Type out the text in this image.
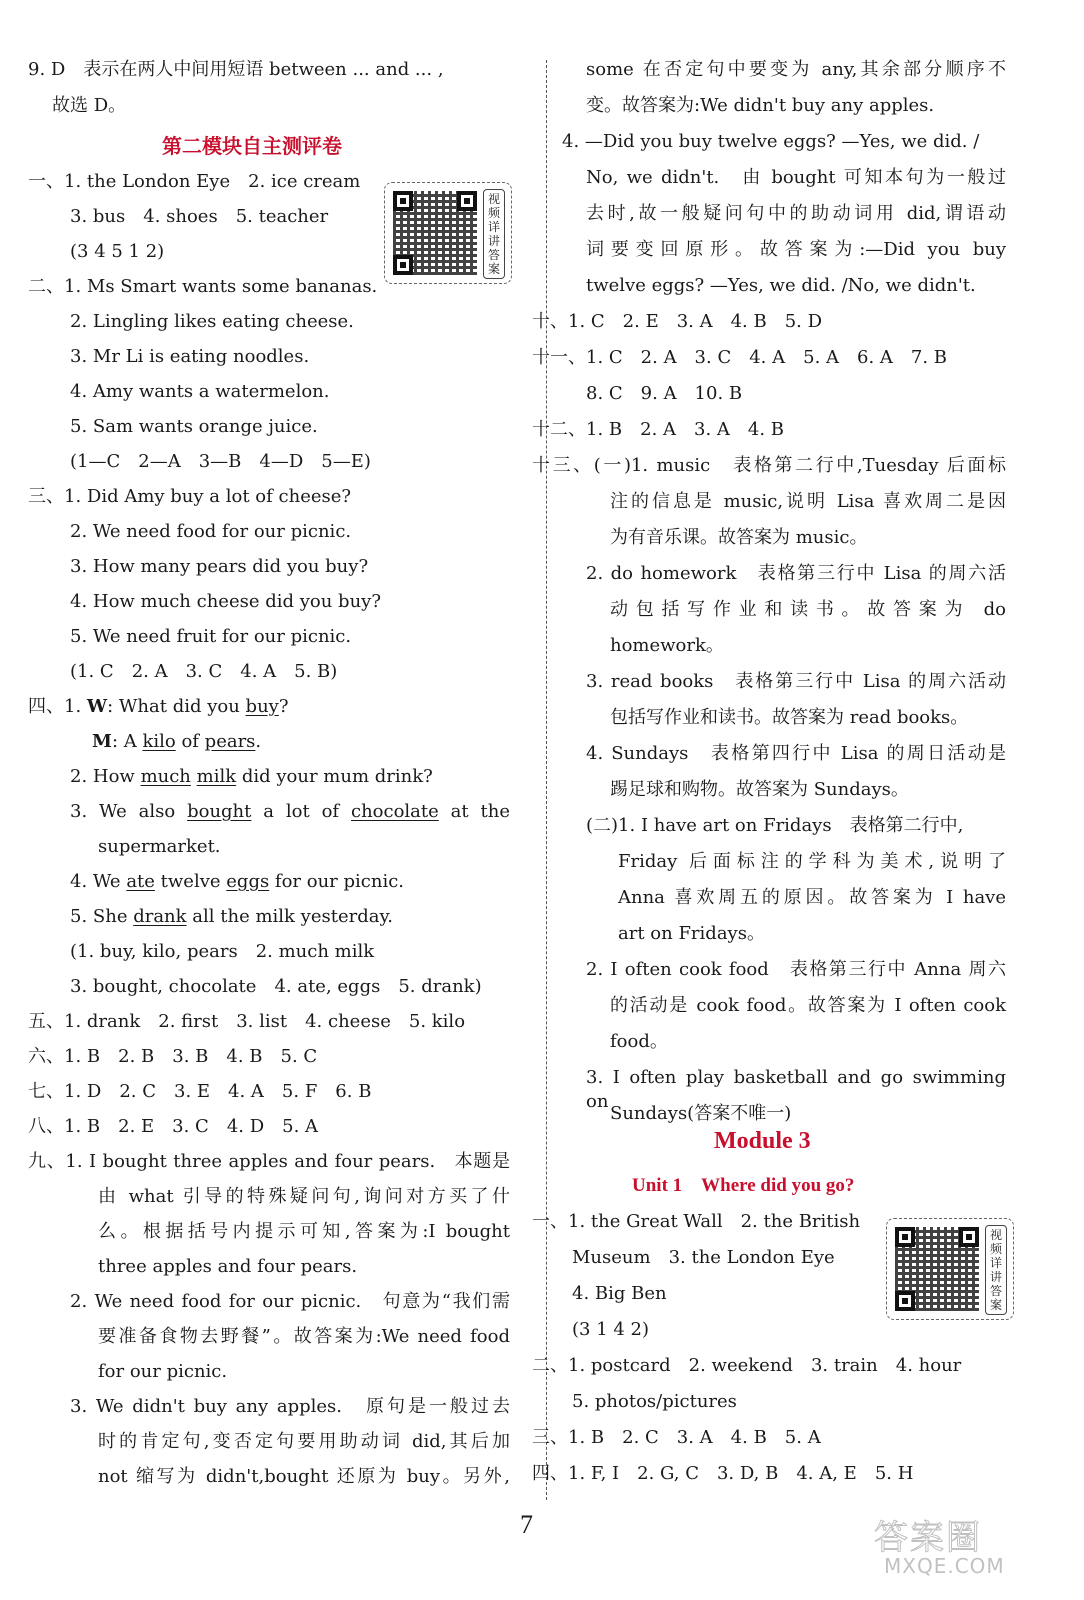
9. D　表示在两人中间用短语 between ... and ... ,
故选 D。
第二模块自主测评卷
一、1. the London Eye　2. ice cream
3. bus　4. shoes　5. teacher
(3 4 5 1 2)
视频详讲答案
二、1. Ms Smart wants some bananas.
2. Lingling likes eating cheese.
3. Mr Li is eating noodles.
4. Amy wants a watermelon.
5. Sam wants orange juice.
(1—C　2—A　3—B　4—D　5—E)
三、1. Did Amy buy a lot of cheese?
2. We need food for our picnic.
3. How many pears did you buy?
4. How much cheese did you buy?
5. We need fruit for our picnic.
(1. C　2. A　3. C　4. A　5. B)
四、1. W: What did you buy?
M: A kilo of pears.
2. How much milk did your mum drink?
3. We also bought a lot of chocolate at the
supermarket.
4. We ate twelve eggs for our picnic.
5. She drank all the milk yesterday.
(1. buy, kilo, pears　2. much milk
3. bought, chocolate　4. ate, eggs　5. drank)
五、1. drank　2. first　3. list　4. cheese　5. kilo
六、1. B　2. B　3. B　4. B　5. C
七、1. D　2. C　3. E　4. A　5. F　6. B
八、1. B　2. E　3. C　4. D　5. A
九、1. I bought three apples and four pears.　本题是
由 what 引导的特殊疑问句,询问对方买了什
么。根据括号内提示可知,答案为:I bought
three apples and four pears.
2. We need food for our picnic.　句意为“我们需
要准备食物去野餐”。故答案为:We need food
for our picnic.
3. We didn't buy any apples.　原句是一般过去
时的肯定句,变否定句要用助动词 did,其后加
not 缩写为 didn't,bought 还原为 buy。另外,
some 在否定句中要变为 any,其余部分顺序不
变。故答案为:We didn't buy any apples.
4. —Did you buy twelve eggs? —Yes, we did. /
No, we didn't.　由 bought 可知本句为一般过
去时,故一般疑问句中的助动词用 did,谓语动
词要变回原形。故答案为:—Did you buy
twelve eggs? —Yes, we did. /No, we didn't.
十、1. C　2. E　3. A　4. B　5. D
十一、1. C　2. A　3. C　4. A　5. A　6. A　7. B
8. C　9. A　10. B
十二、1. B　2. A　3. A　4. B
十三、(一)1. music　表格第二行中,Tuesday 后面标
注的信息是 music,说明 Lisa 喜欢周二是因
为有音乐课。故答案为 music。
2. do homework　表格第三行中 Lisa 的周六活
动包括写作业和读书。故答案为 do
homework。
3. read books　表格第三行中 Lisa 的周六活动
包括写作业和读书。故答案为 read books。
4. Sundays　表格第四行中 Lisa 的周日活动是
踢足球和购物。故答案为 Sundays。
(二)1. I have art on Fridays　表格第二行中,
Friday 后面标注的学科为美术,说明了
Anna 喜欢周五的原因。故答案为 I have
art on Fridays。
2. I often cook food　表格第三行中 Anna 周六
的活动是 cook food。故答案为 I often cook
food。
3. I often play basketball and go swimming on
Sundays(答案不唯一)
Module 3
Unit 1　Where did you go?
一、1. the Great Wall　2. the British
Museum　3. the London Eye
4. Big Ben
(3 1 4 2)
视频详讲答案
二、1. postcard　2. weekend　3. train　4. hour
5. photos/pictures
三、1. B　2. C　3. A　4. B　5. A
四、1. F, I　2. G, C　3. D, B　4. A, E　5. H
7	答案圈
MXQE.COM
